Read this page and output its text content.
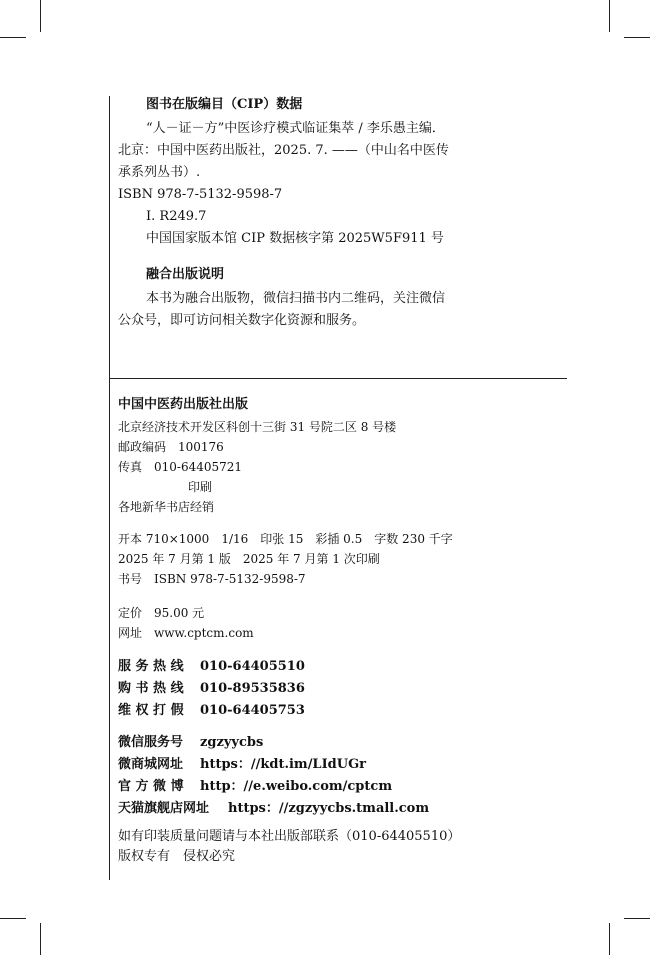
图书在版编目（CIP）数据
“人－证－方”中医诊疗模式临证集萃 / 李乐愚主编．
北京：中国中医药出版社，2025. 7. ——（中山名中医传
承系列丛书）.
ISBN 978-7-5132-9598-7
Ⅰ. R249.7
中国国家版本馆 CIP 数据核字第 2025W5F911 号
融合出版说明
本书为融合出版物，微信扫描书内二维码，关注微信
公众号，即可访问相关数字化资源和服务。
中国中医药出版社出版
北京经济技术开发区科创十三街 31 号院二区 8 号楼
邮政编码　100176
传真　010-64405721
印刷
各地新华书店经销
开本 710×1000　1/16　印张 15　彩插 0.5　字数 230 千字
2025 年 7 月第 1 版　2025 年 7 月第 1 次印刷
书号　ISBN 978-7-5132-9598-7
定价　95.00 元
网址　www.cptcm.com
服 务 热 线 010-64405510
购 书 热 线 010-89535836
维 权 打 假 010-64405753
微信服务号 zgzyycbs
微商城网址 https：//kdt.im/LIdUGr
官 方 微 博 http：//e.weibo.com/cptcm
天猫旗舰店网址 https：//zgzyycbs.tmall.com
如有印装质量问题请与本社出版部联系（010-64405510）
版权专有　侵权必究
